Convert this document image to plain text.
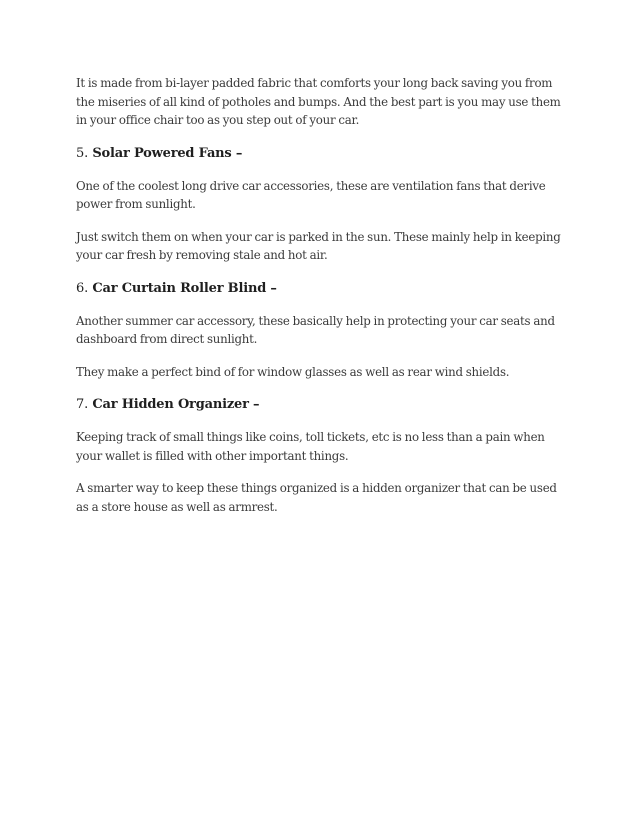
It is made from bi-layer padded fabric that comforts your long back saving you from the miseries of all kind of potholes and bumps. And the best part is you may use them in your office chair too as you step out of your car.

5. Solar Powered Fans –

One of the coolest long drive car accessories, these are ventilation fans that derive power from sunlight.

Just switch them on when your car is parked in the sun. These mainly help in keeping your car fresh by removing stale and hot air.

6. Car Curtain Roller Blind –

Another summer car accessory, these basically help in protecting your car seats and dashboard from direct sunlight.

They make a perfect bind of for window glasses as well as rear wind shields.

7. Car Hidden Organizer –

Keeping track of small things like coins, toll tickets, etc is no less than a pain when your wallet is filled with other important things.

A smarter way to keep these things organized is a hidden organizer that can be used as a store house as well as armrest.
